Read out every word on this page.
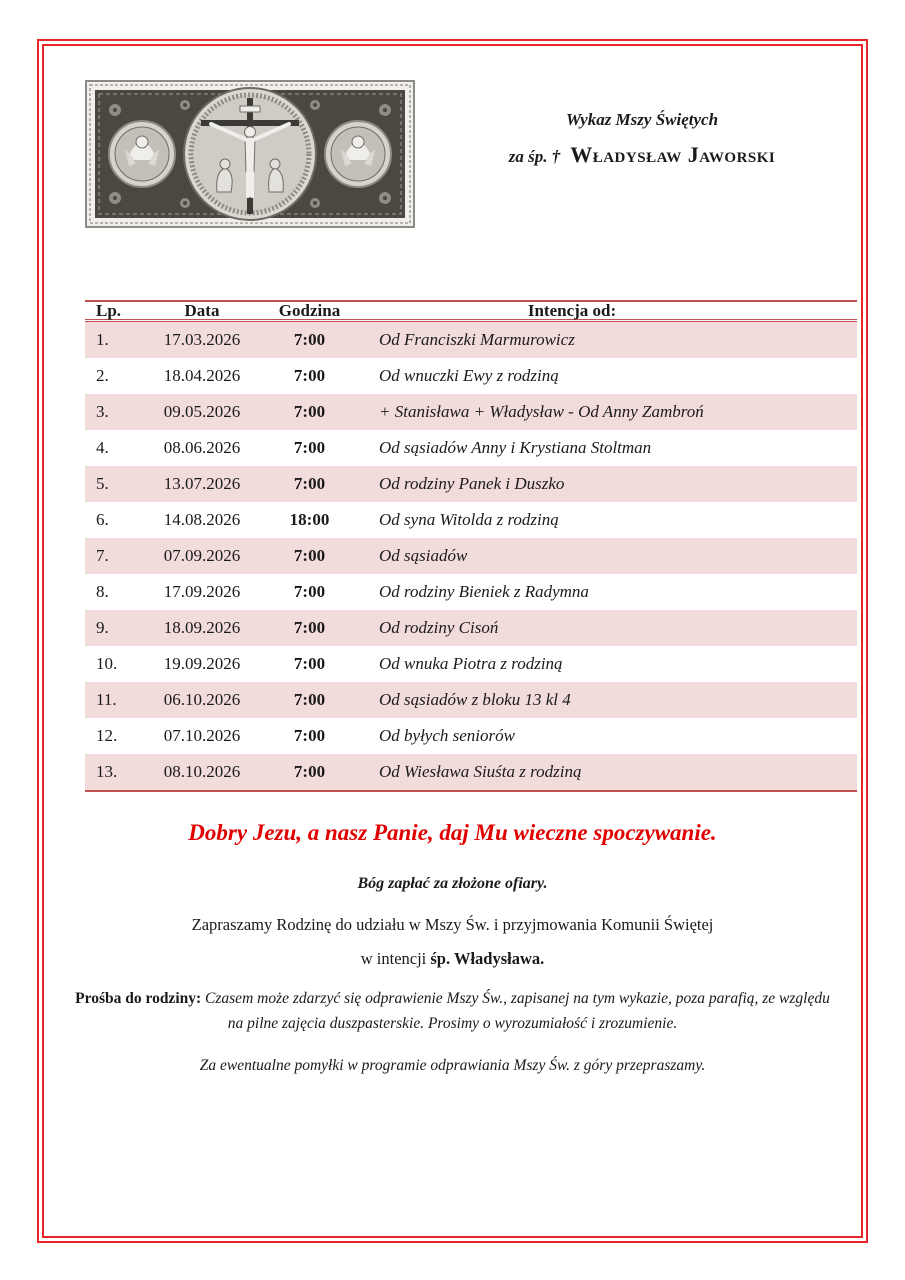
Wykaz Mszy Świętych
za śp. † Władysław Jaworski
Lp.	Data	Godzina	Intencja od:
1.	17.03.2026	7:00	Od Franciszki Marmurowicz
2.	18.04.2026	7:00	Od wnuczki Ewy z rodziną
3.	09.05.2026	7:00	+ Stanisława + Władysław - Od Anny Zambroń
4.	08.06.2026	7:00	Od sąsiadów Anny i Krystiana Stoltman
5.	13.07.2026	7:00	Od rodziny Panek i Duszko
6.	14.08.2026	18:00	Od syna Witolda z rodziną
7.	07.09.2026	7:00	Od sąsiadów
8.	17.09.2026	7:00	Od rodziny Bieniek z Radymna
9.	18.09.2026	7:00	Od rodziny Cisoń
10.	19.09.2026	7:00	Od wnuka Piotra z rodziną
11.	06.10.2026	7:00	Od sąsiadów z bloku 13 kl 4
12.	07.10.2026	7:00	Od byłych seniorów
13.	08.10.2026	7:00	Od Wiesława Siuśta z rodziną
Dobry Jezu, a nasz Panie, daj Mu wieczne spoczywanie.
Bóg zapłać za złożone ofiary.
Zapraszamy Rodzinę do udziału w Mszy Św. i przyjmowania Komunii Świętej
w intencji śp. Władysława.
Prośba do rodziny: Czasem może zdarzyć się odprawienie Mszy Św., zapisanej na tym wykazie, poza parafią, ze względu na pilne zajęcia duszpasterskie. Prosimy o wyrozumiałość i zrozumienie.
Za ewentualne pomyłki w programie odprawiania Mszy Św. z góry przepraszamy.
